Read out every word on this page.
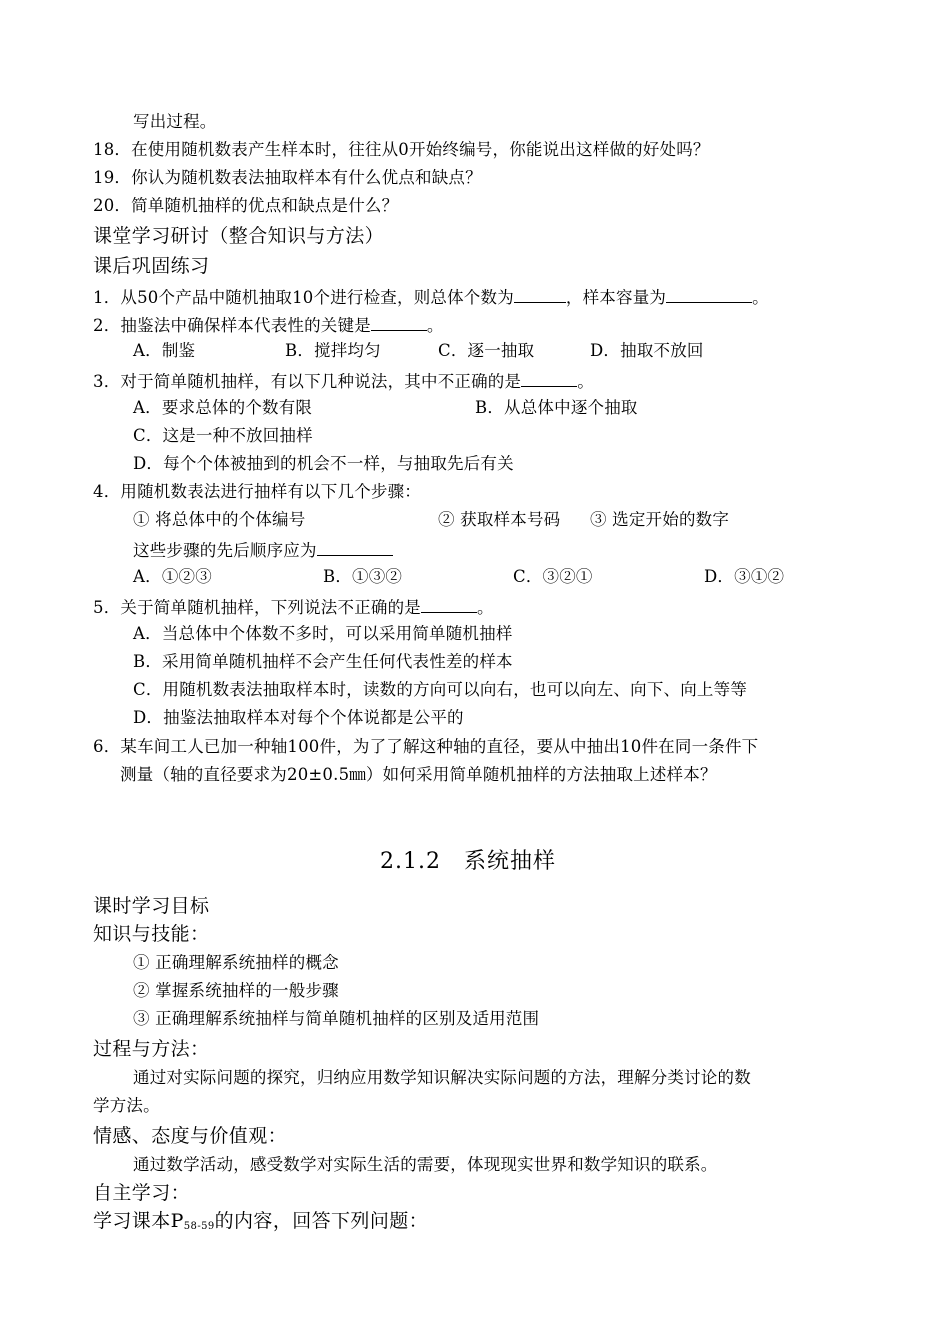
写出过程。
18．在使用随机数表产生样本时，往往从0开始终编号，你能说出这样做的好处吗？
19．你认为随机数表法抽取样本有什么优点和缺点？
20．简单随机抽样的优点和缺点是什么？
课堂学习研讨（整合知识与方法）
课后巩固练习
1．从50个产品中随机抽取10个进行检查，则总体个数为	，样本容量为	。
2．抽鉴法中确保样本代表性的关键是	。
A．制鉴	B．搅拌均匀	C．逐一抽取	D．抽取不放回
3．对于简单随机抽样，有以下几种说法，其中不正确的是	。
A．要求总体的个数有限	B．从总体中逐个抽取
C．这是一种不放回抽样
D．每个个体被抽到的机会不一样，与抽取先后有关
4．用随机数表法进行抽样有以下几个步骤：
① 将总体中的个体编号	② 获取样本号码 ③ 选定开始的数字
这些步骤的先后顺序应为
A．①②③	B．①③②	C．③②①	D．③①②
5．关于简单随机抽样，下列说法不正确的是	。
A．当总体中个体数不多时，可以采用简单随机抽样
B．采用简单随机抽样不会产生任何代表性差的样本
C．用随机数表法抽取样本时，读数的方向可以向右，也可以向左、向下、向上等等
D．抽鉴法抽取样本对每个个体说都是公平的
6．某车间工人已加一种轴100件，为了了解这种轴的直径，要从中抽出10件在同一条件下
测量（轴的直径要求为20±0.5㎜）如何采用简单随机抽样的方法抽取上述样本？
2.1.2　系统抽样
课时学习目标
知识与技能：
① 正确理解系统抽样的概念
② 掌握系统抽样的一般步骤
③ 正确理解系统抽样与简单随机抽样的区别及适用范围
过程与方法：
通过对实际问题的探究，归纳应用数学知识解决实际问题的方法，理解分类讨论的数
学方法。
情感、态度与价值观：
通过数学活动，感受数学对实际生活的需要，体现现实世界和数学知识的联系。
自主学习：
学习课本$P_{58-59}$的内容，回答下列问题：
